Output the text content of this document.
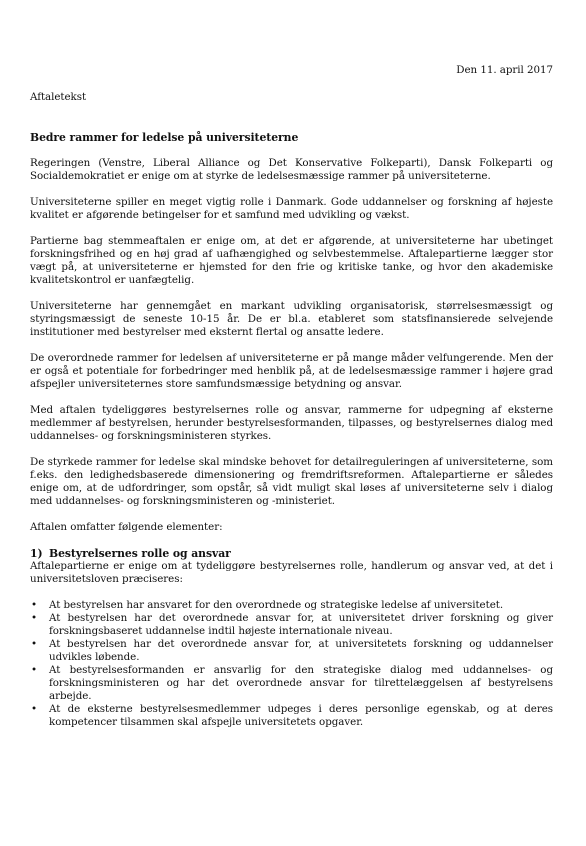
Den 11. april 2017
Aftaletekst
Bedre rammer for ledelse på universiteterne

Regeringen (Venstre, Liberal Alliance og Det Konservative Folkeparti), Dansk Folkeparti og Socialdemokratiet er enige om at styrke de ledelsesmæssige rammer på universiteterne.

Universiteterne spiller en meget vigtig rolle i Danmark. Gode uddannelser og forskning af højeste kvalitet er afgørende betingelser for et samfund med udvikling og vækst.

Partierne bag stemmeaftalen er enige om, at det er afgørende, at universiteterne har ubetinget forskningsfrihed og en høj grad af uafhængighed og selvbestemmelse. Aftalepartierne lægger stor vægt på, at universiteterne er hjemsted for den frie og kritiske tanke, og hvor den akademiske kvalitetskontrol er uanfægtelig.

Universiteterne har gennemgået en markant udvikling organisatorisk, størrelsesmæssigt og styringsmæssigt de seneste 10-15 år. De er bl.a. etableret som statsfinansierede selvejende institutioner med bestyrelser med eksternt flertal og ansatte ledere.

De overordnede rammer for ledelsen af universiteterne er på mange måder velfungerende. Men der er også et potentiale for forbedringer med henblik på, at de ledelsesmæssige rammer i højere grad afspejler universiteternes store samfundsmæssige betydning og ansvar.

Med aftalen tydeliggøres bestyrelsernes rolle og ansvar, rammerne for udpegning af eksterne medlemmer af bestyrelsen, herunder bestyrelsesformanden, tilpasses, og bestyrelsernes dialog med uddannelses- og forskningsministeren styrkes.

De styrkede rammer for ledelse skal mindske behovet for detailreguleringen af universiteterne, som f.eks. den ledighedsbaserede dimensionering og fremdriftsreformen. Aftalepartierne er således enige om, at de udfordringer, som opstår, så vidt muligt skal løses af universiteterne selv i dialog med uddannelses- og forskningsministeren og -ministeriet.

Aftalen omfatter følgende elementer:

1) Bestyrelsernes rolle og ansvar

Aftalepartierne er enige om at tydeliggøre bestyrelsernes rolle, handlerum og ansvar ved, at det i universitetsloven præciseres:

• At bestyrelsen har ansvaret for den overordnede og strategiske ledelse af universitetet.
• At bestyrelsen har det overordnede ansvar for, at universitetet driver forskning og giver forskningsbaseret uddannelse indtil højeste internationale niveau.
• At bestyrelsen har det overordnede ansvar for, at universitetets forskning og uddannelser udvikles løbende.
• At bestyrelsesformanden er ansvarlig for den strategiske dialog med uddannelses- og forskningsministeren og har det overordnede ansvar for tilrettelæggelsen af bestyrelsens arbejde.
• At de eksterne bestyrelsesmedlemmer udpeges i deres personlige egenskab, og at deres kompetencer tilsammen skal afspejle universitetets opgaver.
